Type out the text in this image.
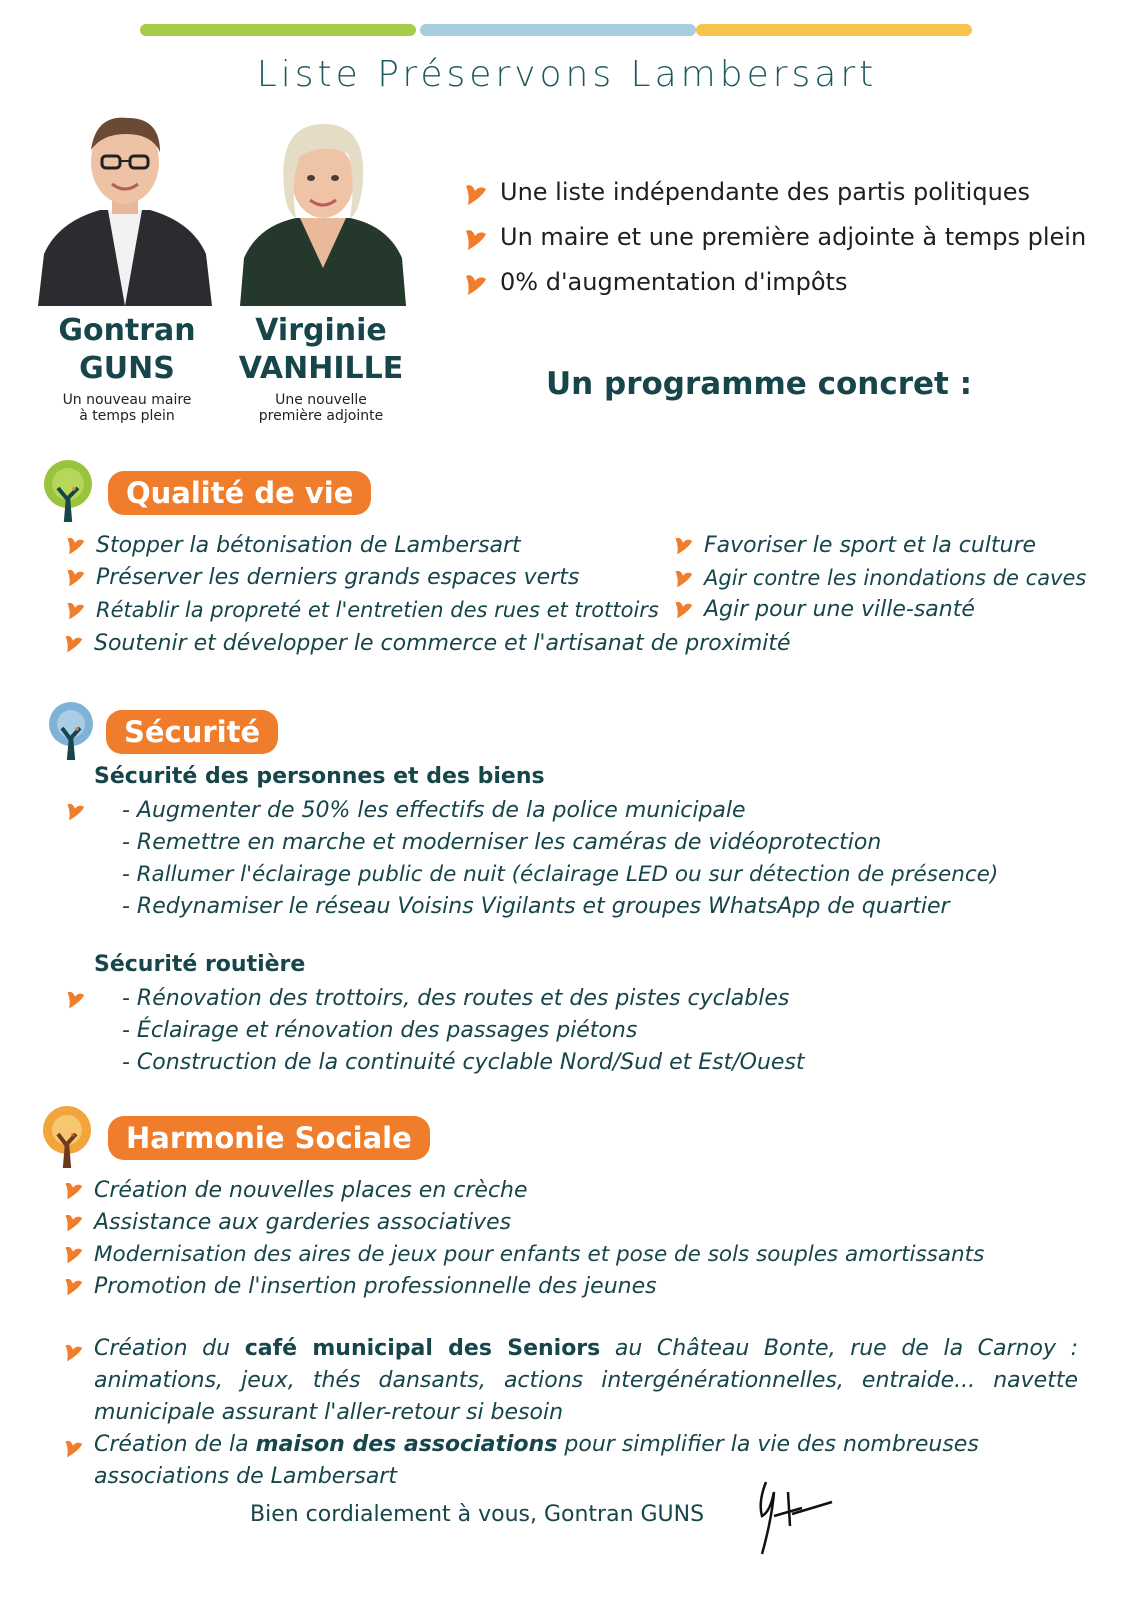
Liste Préservons Lambersart
Gontran
GUNS
Un nouveau maire
à temps plein
Virginie
VANHILLE
Une nouvelle
première adjointe
Une liste indépendante des partis politiques
Un maire et une première adjointe à temps plein
0% d'augmentation d'impôts
Un programme concret :
Qualité de vie
Stopper la bétonisation de Lambersart
Préserver les derniers grands espaces verts
Rétablir la propreté et l'entretien des rues et trottoirs
Favoriser le sport et la culture
Agir contre les inondations de caves
Agir pour une ville-santé
Soutenir et développer le commerce et l'artisanat de proximité
Sécurité
Sécurité des personnes et des biens
- Augmenter de 50% les effectifs de la police municipale
- Remettre en marche et moderniser les caméras de vidéoprotection
- Rallumer l'éclairage public de nuit (éclairage LED ou sur détection de présence)
- Redynamiser le réseau Voisins Vigilants et groupes WhatsApp de quartier
Sécurité routière
- Rénovation des trottoirs, des routes et des pistes cyclables
- Éclairage et rénovation des passages piétons
- Construction de la continuité cyclable Nord/Sud et Est/Ouest
Harmonie Sociale
Création de nouvelles places en crèche
Assistance aux garderies associatives
Modernisation des aires de jeux pour enfants et pose de sols souples amortissants
Promotion de l'insertion professionnelle des jeunes
Création du café municipal des Seniors au Château Bonte, rue de la Carnoy : animations, jeux, thés dansants, actions intergénérationnelles, entraide... navette municipale assurant l'aller-retour si besoin
Création de la maison des associations pour simplifier la vie des nombreuses associations de Lambersart
Bien cordialement à vous, Gontran GUNS
